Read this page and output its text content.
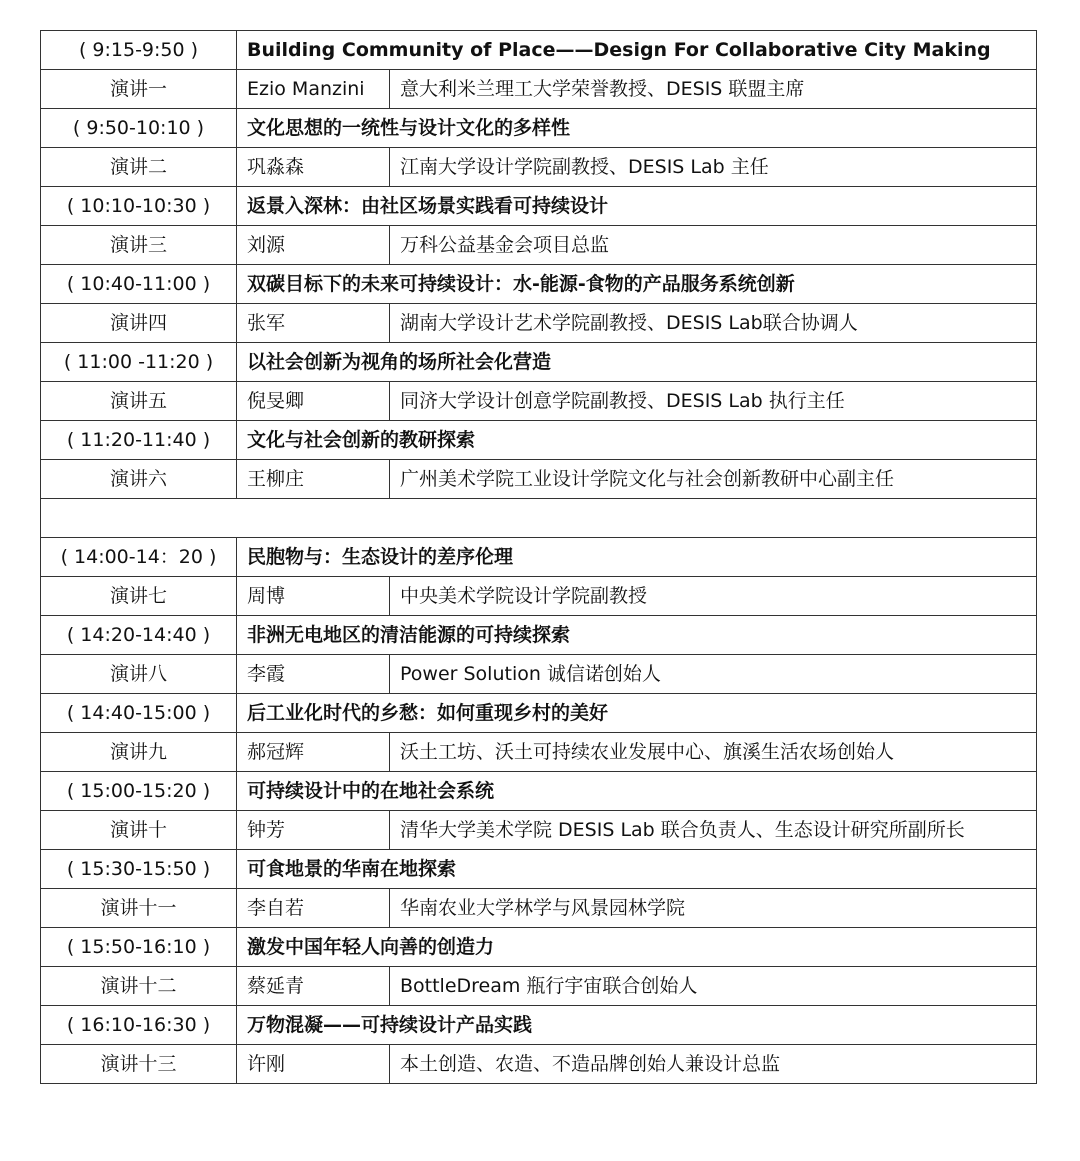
( 9:15-9:50 )	Building Community of Place——Design For Collaborative City Making	
演讲一	Ezio Manzini	意大利米兰理工大学荣誉教授、DESIS 联盟主席
( 9:50-10:10 )	文化思想的一统性与设计文化的多样性	
演讲二	巩淼森	江南大学设计学院副教授、DESIS Lab 主任
( 10:10-10:30 )	返景入深林：由社区场景实践看可持续设计	
演讲三	刘源	万科公益基金会项目总监
( 10:40-11:00 )	双碳目标下的未来可持续设计：水-能源-食物的产品服务系统创新	
演讲四	张军	湖南大学设计艺术学院副教授、DESIS Lab联合协调人
( 11:00 -11:20 )	以社会创新为视角的场所社会化营造	
演讲五	倪旻卿	同济大学设计创意学院副教授、DESIS Lab 执行主任
( 11:20-11:40 )	文化与社会创新的教研探索	
演讲六	王柳庄	广州美术学院工业设计学院文化与社会创新教研中心副主任

( 14:00-14：20 )	民胞物与：生态设计的差序伦理	
演讲七	周博	中央美术学院设计学院副教授
( 14:20-14:40 )	非洲无电地区的清洁能源的可持续探索	
演讲八	李霞	Power Solution 诚信诺创始人
( 14:40-15:00 )	后工业化时代的乡愁：如何重现乡村的美好	
演讲九	郝冠辉	沃土工坊、沃土可持续农业发展中心、旗溪生活农场创始人
( 15:00-15:20 )	可持续设计中的在地社会系统	
演讲十	钟芳	清华大学美术学院 DESIS Lab 联合负责人、生态设计研究所副所长
( 15:30-15:50 )	可食地景的华南在地探索	
演讲十一	李自若	华南农业大学林学与风景园林学院
( 15:50-16:10 )	激发中国年轻人向善的创造力	
演讲十二	蔡延青	BottleDream 瓶行宇宙联合创始人
( 16:10-16:30 )	万物混凝——可持续设计产品实践	
演讲十三	许刚	本土创造、农造、不造品牌创始人兼设计总监
